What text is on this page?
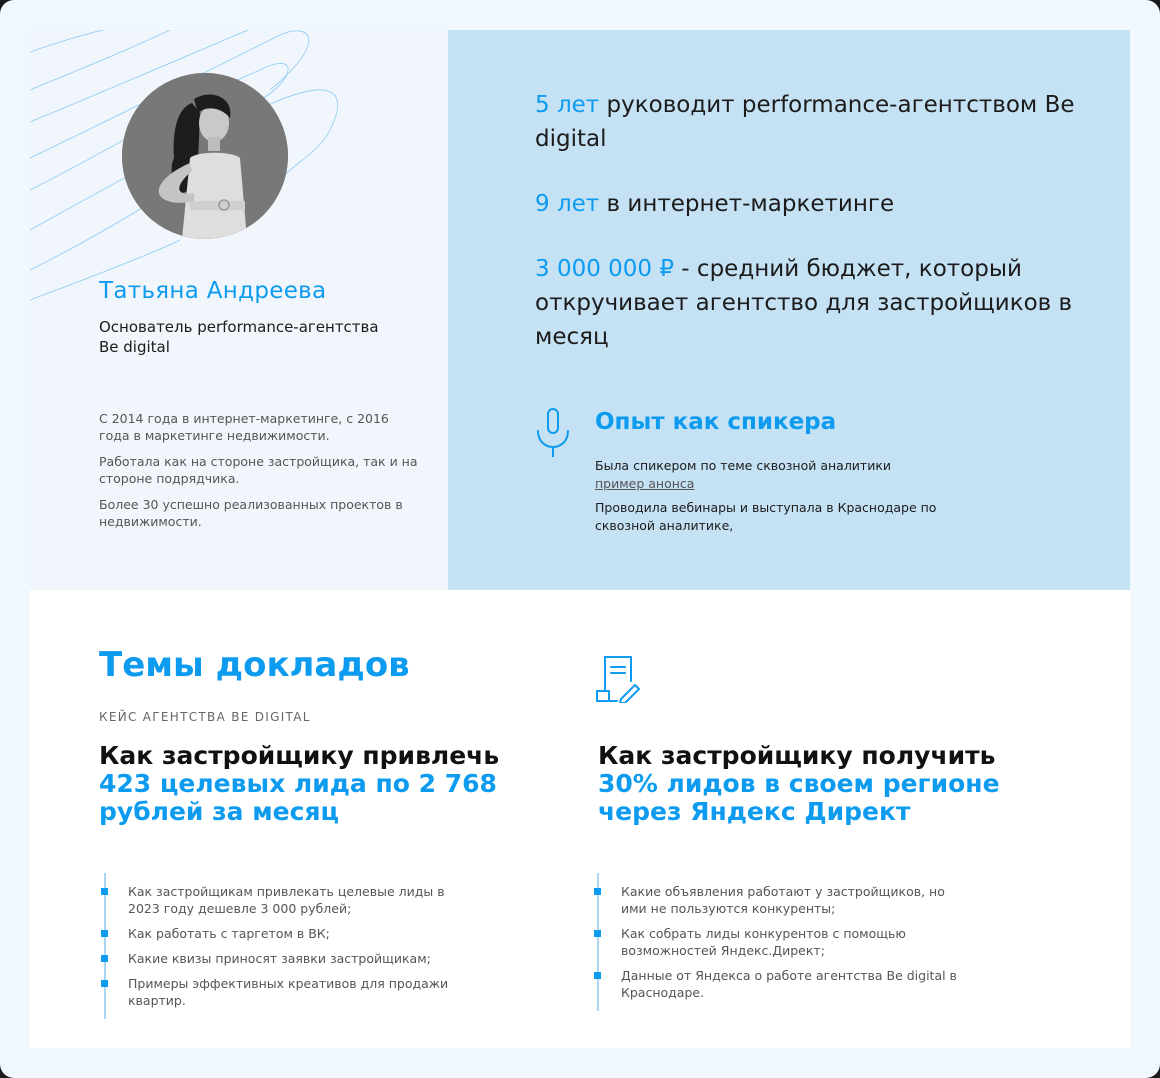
Татьяна Андреева
Основатель performance-агентства Be digital

С 2014 года в интернет-маркетинге, с 2016 года в маркетинге недвижимости.

Работала как на стороне застройщика, так и на стороне подрядчика.

Более 30 успешно реализованных проектов в недвижимости.

5 лет руководит performance-агентством Be digital
9 лет в интернет-маркетинге
3 000 000 ₽ - средний бюджет, который откручивает агентство для застройщиков в месяц
Опыт как спикера

Была спикером по теме сквозной аналитики
пример анонса

Проводила вебинары и выступала в Краснодаре по сквозной аналитике,

Темы докладов
КЕЙС АГЕНТСТВА BE DIGITAL
Как застройщику привлечь 423 целевых лида по 2 768 рублей за месяц
Как застройщику получить 30% лидов в своем регионе через Яндекс Директ
Как застройщикам привлекать целевые лиды в 2023 году дешевле 3 000 рублей;
Как работать с таргетом в ВК;
Какие квизы приносят заявки застройщикам;
Примеры эффективных креативов для продажи квартир.
Какие объявления работают у застройщиков, но ими не пользуются конкуренты;
Как собрать лиды конкурентов с помощью возможностей Яндекс.Директ;
Данные от Яндекса о работе агентства Be digital в Краснодаре.
